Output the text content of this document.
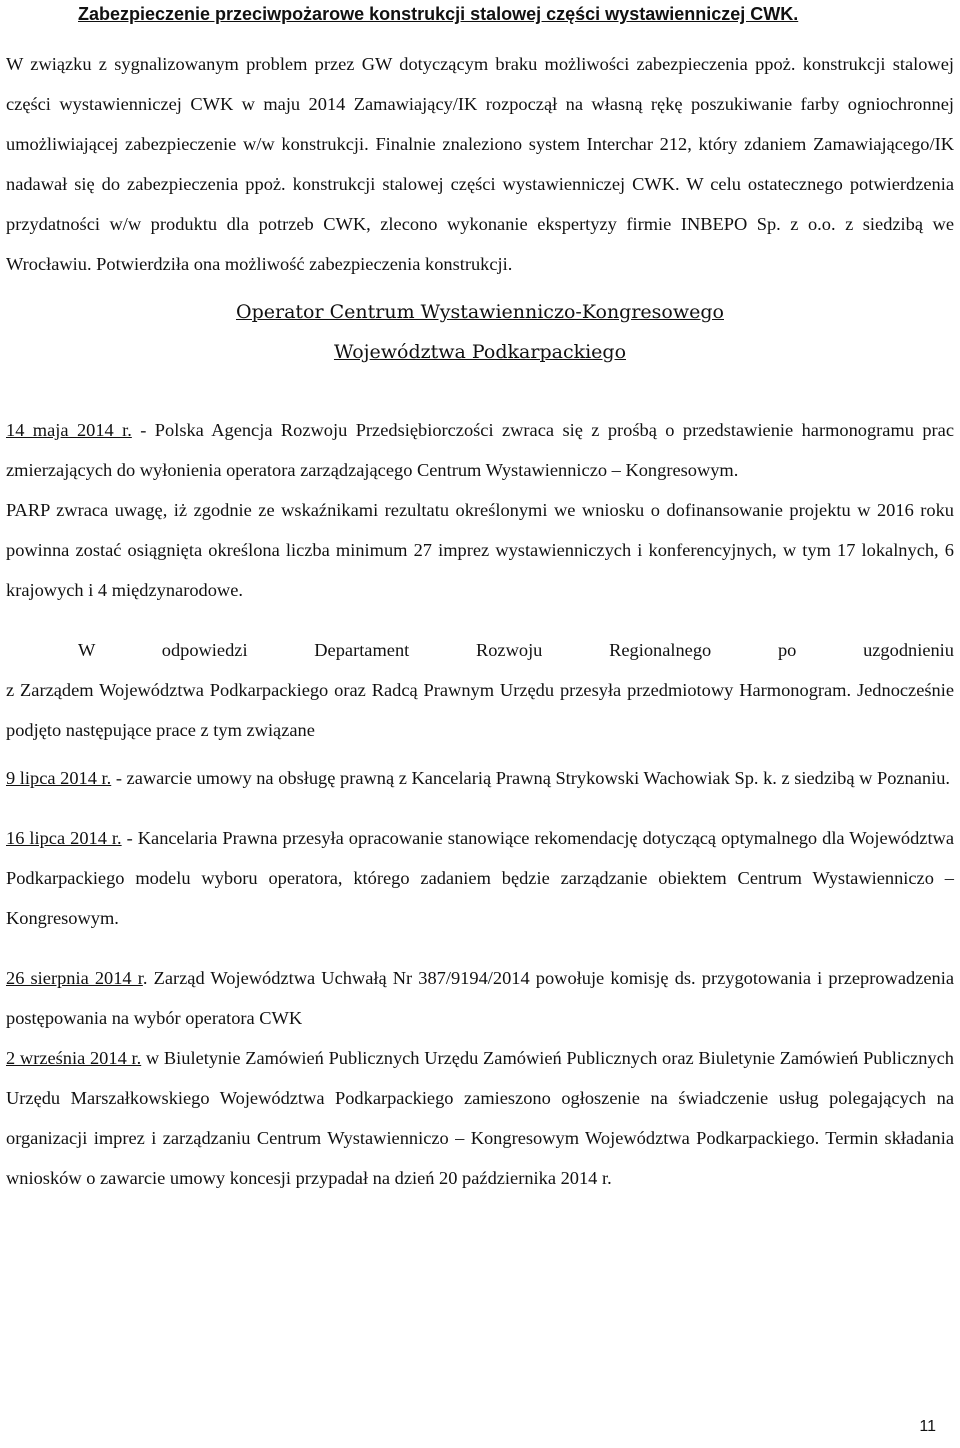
Zabezpieczenie przeciwpożarowe konstrukcji stalowej części wystawienniczej CWK.

W związku z sygnalizowanym problem przez GW dotyczącym braku możliwości zabezpieczenia ppoż. konstrukcji stalowej części wystawienniczej CWK w maju 2014 Zamawiający/IK rozpoczął na własną rękę poszukiwanie farby ogniochronnej umożliwiającej zabezpieczenie w/w konstrukcji. Finalnie znaleziono system Interchar 212, który zdaniem Zamawiającego/IK nadawał się do zabezpieczenia ppoż. konstrukcji stalowej części wystawienniczej CWK. W celu ostatecznego potwierdzenia przydatności w/w produktu dla potrzeb CWK, zlecono wykonanie ekspertyzy firmie INBEPO Sp. z o.o. z siedzibą we Wrocławiu. Potwierdziła ona możliwość zabezpieczenia konstrukcji.

Operator Centrum Wystawienniczo-Kongresowego

Województwa Podkarpackiego

14 maja 2014 r. - Polska Agencja Rozwoju Przedsiębiorczości zwraca się z prośbą o przedstawienie harmonogramu prac zmierzających do wyłonienia operatora zarządzającego Centrum Wystawienniczo – Kongresowym.

PARP zwraca uwagę, iż zgodnie ze wskaźnikami rezultatu określonymi we wniosku o dofinansowanie projektu w 2016 roku powinna zostać osiągnięta określona liczba minimum 27 imprez wystawienniczych i konferencyjnych, w tym 17 lokalnych, 6 krajowych i 4 międzynarodowe.

W odpowiedzi Departament Rozwoju Regionalnego po uzgodnieniu
z Zarządem Województwa Podkarpackiego oraz Radcą Prawnym Urzędu przesyła przedmiotowy Harmonogram. Jednocześnie podjęto następujące prace z tym związane

9 lipca 2014 r. - zawarcie umowy na obsługę prawną z Kancelarią Prawną Strykowski Wachowiak Sp. k. z siedzibą w Poznaniu.

16 lipca 2014 r. - Kancelaria Prawna przesyła opracowanie stanowiące rekomendację dotyczącą optymalnego dla Województwa Podkarpackiego modelu wyboru operatora, którego zadaniem będzie zarządzanie obiektem Centrum Wystawienniczo – Kongresowym.

26 sierpnia 2014 r. Zarząd Województwa Uchwałą Nr 387/9194/2014 powołuje komisję ds. przygotowania i przeprowadzenia postępowania na wybór operatora CWK

2 września 2014 r. w Biuletynie Zamówień Publicznych Urzędu Zamówień Publicznych oraz Biuletynie Zamówień Publicznych Urzędu Marszałkowskiego Województwa Podkarpackiego zamieszono ogłoszenie na świadczenie usług polegających na organizacji imprez i zarządzaniu Centrum Wystawienniczo – Kongresowym Województwa Podkarpackiego. Termin składania wniosków o zawarcie umowy koncesji przypadał na dzień 20 października 2014 r.

11
